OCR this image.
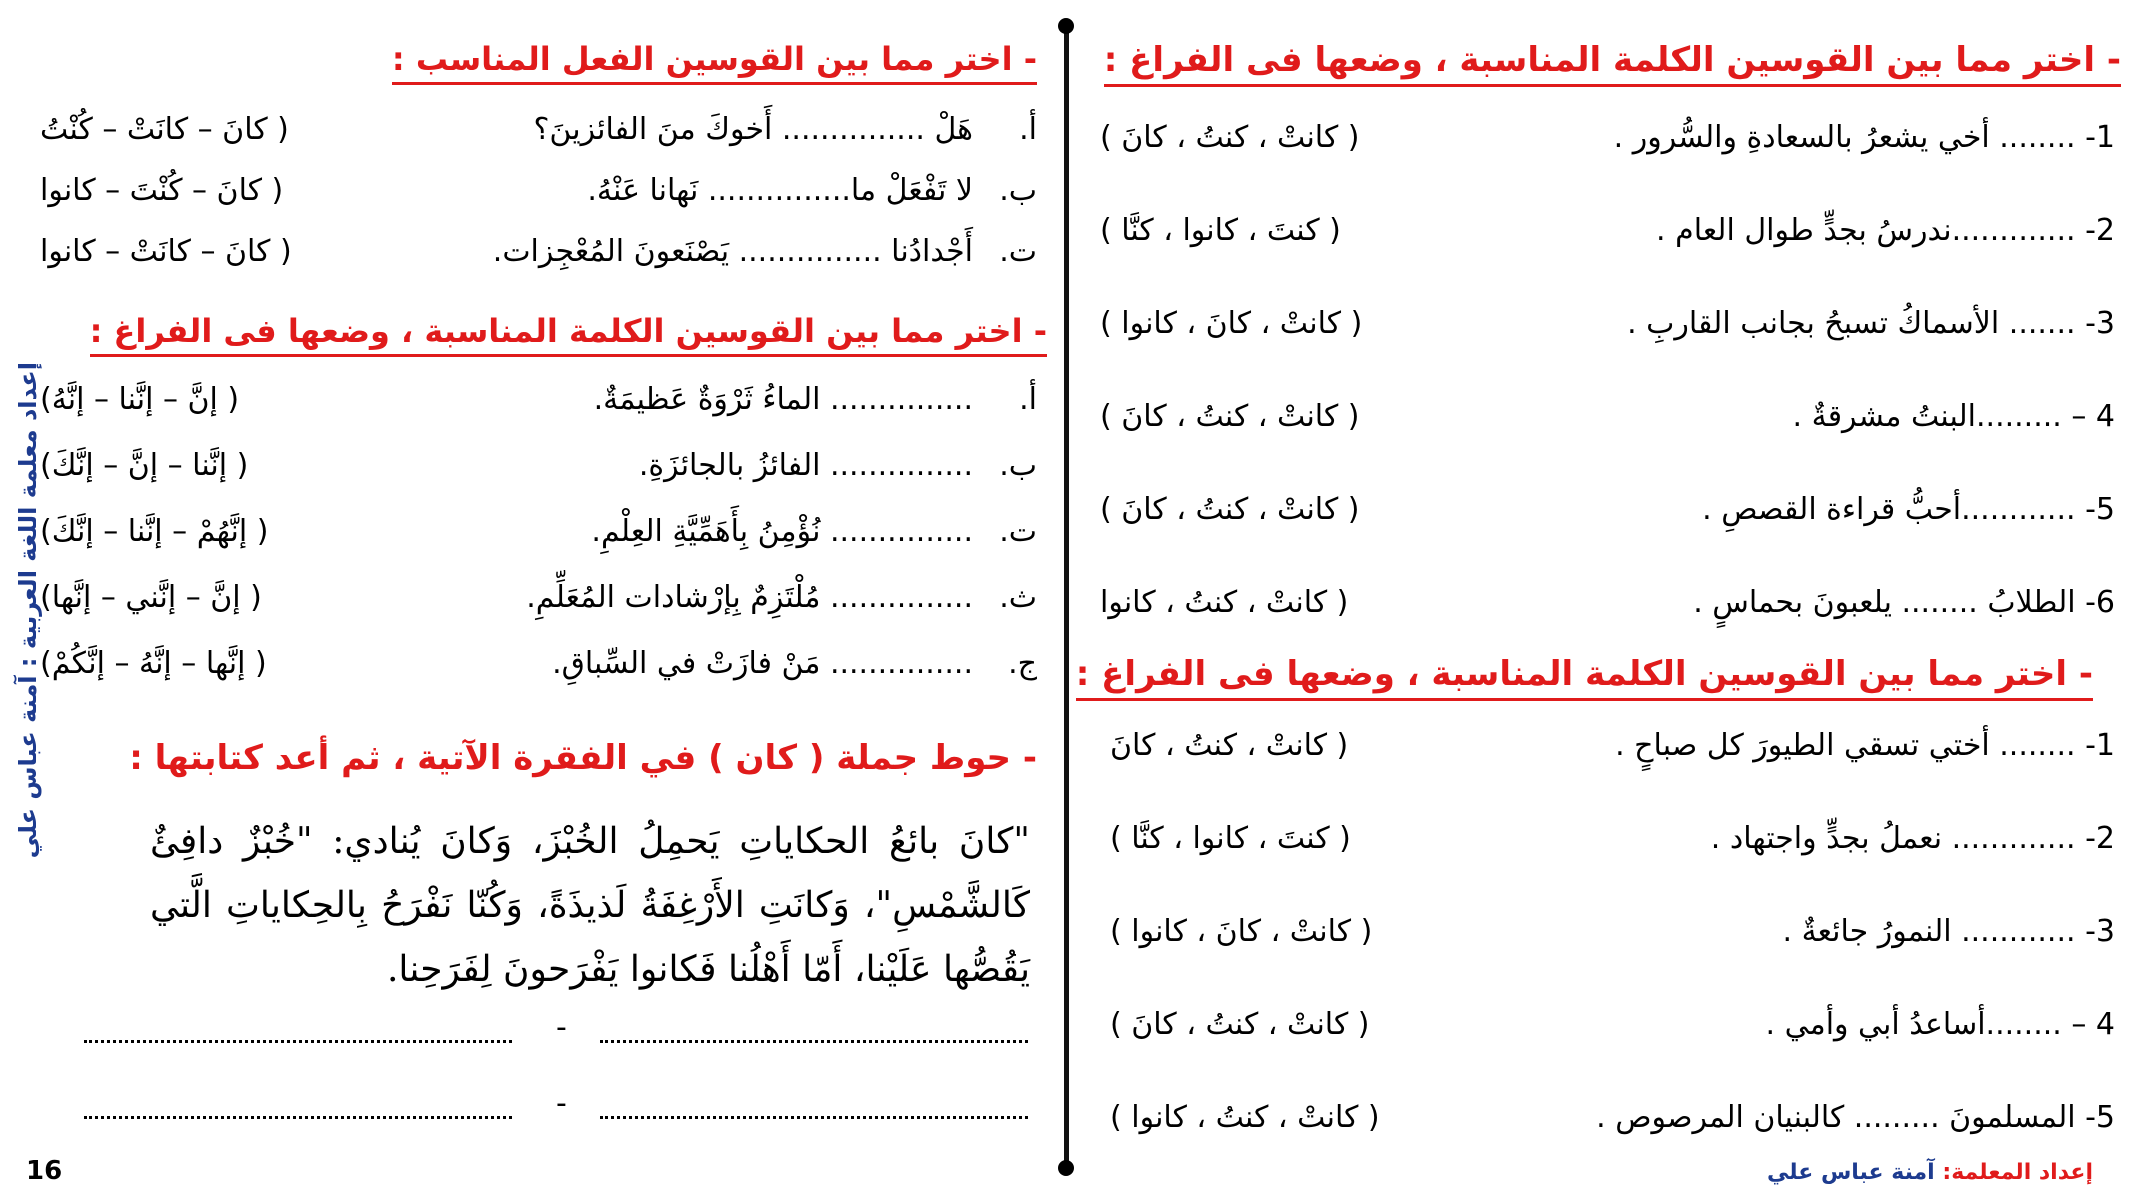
- اختر مما بين القوسين الكلمة المناسبة ، وضعها فى الفراغ :
1- ........ أخي يشعرُ بالسعادةِ والسُّرور .
( كانتْ ، كنتُ ، كانَ )
2- .............ندرسُ بجدٍّ طوال العام .
( كنتَ ، كانوا ، كنَّا )
3- ....... الأسماكُ تسبحُ بجانب القاربِ .
( كانتْ ، كانَ ، كانوا )
4 – .........البنتُ مشرقةٌ .
( كانتْ ، كنتُ ، كانَ )
5- ............أحبُّ قراءة القصصِ .
( كانتْ ، كنتُ ، كانَ )
6- الطلابُ ........ يلعبونَ بحماسٍ .
( كانتْ ، كنتُ ، كانوا
- اختر مما بين القوسين الكلمة المناسبة ، وضعها فى الفراغ :
1- ........ أختي تسقي الطيورَ كل صباحٍ .
( كانتْ ، كنتُ ، كانَ
2- ............. نعملُ بجدٍّ واجتهاد .
( كنتَ ، كانوا ، كنَّا )
3- ............ النمورُ جائعةٌ .
( كانتْ ، كانَ ، كانوا )
4 – ........أساعدُ أبي وأمي .
( كانتْ ، كنتُ ، كانَ )
5- المسلمونَ ......... كالبنيان المرصوص .
( كانتْ ، كنتُ ، كانوا )
إعداد المعلمة: آمنة عباس علي
- اختر مما بين القوسين الفعل المناسب :
أ.
هَلْ ............... أَخوكَ منَ الفائزينَ؟
( كانَ – كانَتْ – كُنْتُ
ب.
لا تَفْعَلْ ما............... نَهانا عَنْهُ.
( كانَ – كُنْتَ – كانوا
ت.
أَجْدادُنا ............... يَصْنَعونَ المُعْجِزات.
( كانَ – كانَتْ – كانوا
- اختر مما بين القوسين الكلمة المناسبة ، وضعها فى الفراغ :
أ.
............... الماءُ ثَرْوَةٌ عَظيمَةٌ.
( إنَّ – إنَّنا – إنَّهُ)
ب.
............... الفائزُ بالجائزَةِ.
( إنَّنا – إنَّ – إنَّكَ)
ت.
............... نُؤْمِنُ بِأَهَمِّيَّةِ العِلْمِ.
( إنَّهُمْ – إنَّنا – إنَّكَ)
ث.
............... مُلْتَزِمٌ بِإرْشادات المُعَلِّمِ.
( إنَّ – إنَّني – إنَّها)
ج.
............... مَنْ فازَتْ في السِّباقِ.
( إنَّها – إنَّهُ – إنَّكُمْ)
- حوط جملة ( كان ) في الفقرة الآتية ، ثم أعد كتابتها :
"كانَ بائعُ الحكاياتِ يَحمِلُ الخُبْزَ، وَكانَ يُنادي: "خُبْزٌ دافِئٌ كَالشَّمْسِ"، وَكانَتِ الأَرْغِفَةُ لَذيذَةً، وَكُنّا نَفْرَحُ بِالحِكاياتِ الَّتي يَقُصُّها عَلَيْنا، أَمّا أَهْلُنا فَكانوا يَفْرَحونَ لِفَرَحِنا.
-
-
إعداد معلمة اللغة العربية : آمنة عباس علي
16
